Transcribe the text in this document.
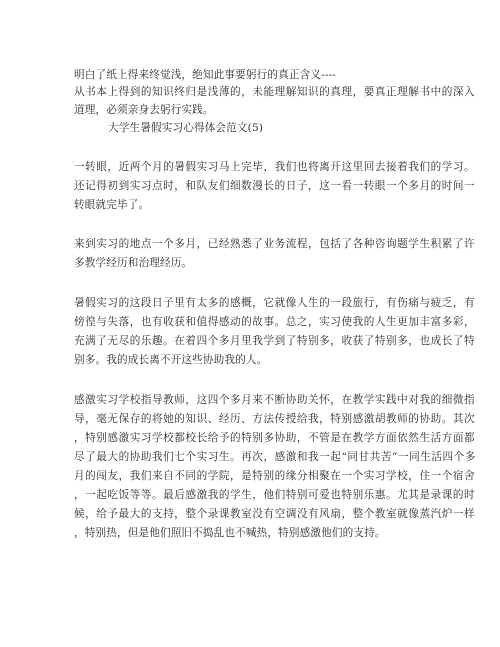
明白了纸上得来终觉浅，绝知此事要躬行的真正含义----
从书本上得到的知识终归是浅薄的，未能理解知识的真理，要真正理解书中的深入
道理，必须亲身去躬行实践。
大学生暑假实习心得体会范文(5)
一转眼，近两个月的暑假实习马上完毕，我们也将离开这里回去接着我们的学习。
还记得初到实习点时，和队友们细数漫长的日子，这一看一转眼一个多月的时间一
转眼就完毕了。
来到实习的地点一个多月，已经熟悉了业务流程，包括了各种咨询题学生积累了许
多教学经历和治理经历。
暑假实习的这段日子里有太多的感概，它就像人生的一段旅行，有伤痛与疲乏，有
傍徨与失落，也有收获和值得感动的故事。总之，实习使我的人生更加丰富多彩，
充满了无尽的乐趣。在着四个多月里我学到了特别多，收获了特别多，也成长了特
别多。我的成长离不开这些协助我的人。
感激实习学校指导教师，这四个多月来不断协助关怀，在教学实践中对我的细微指
导，毫无保存的将她的知识、经历、方法传授给我，特别感激胡教师的协助。其次
，特别感激实习学校都校长给予的特别多协助，不管是在教学方面依然生活方面都
尽了最大的协助我们七个实习生。再次，感激和我一起“同甘共苦”一同生活四个多
月的闯友，我们来自不同的学院，是特别的缘分相聚在一个实习学校，住一个宿舍
，一起吃饭等等。最后感激我的学生，他们特别可爱也特别乐惠。尤其是录课的时
候，给予最大的支持，整个录课教室没有空调没有风扇，整个教室就像蒸汽炉一样
，特别热，但是他们照旧不捣乱也不喊热，特别感激他们的支持。
